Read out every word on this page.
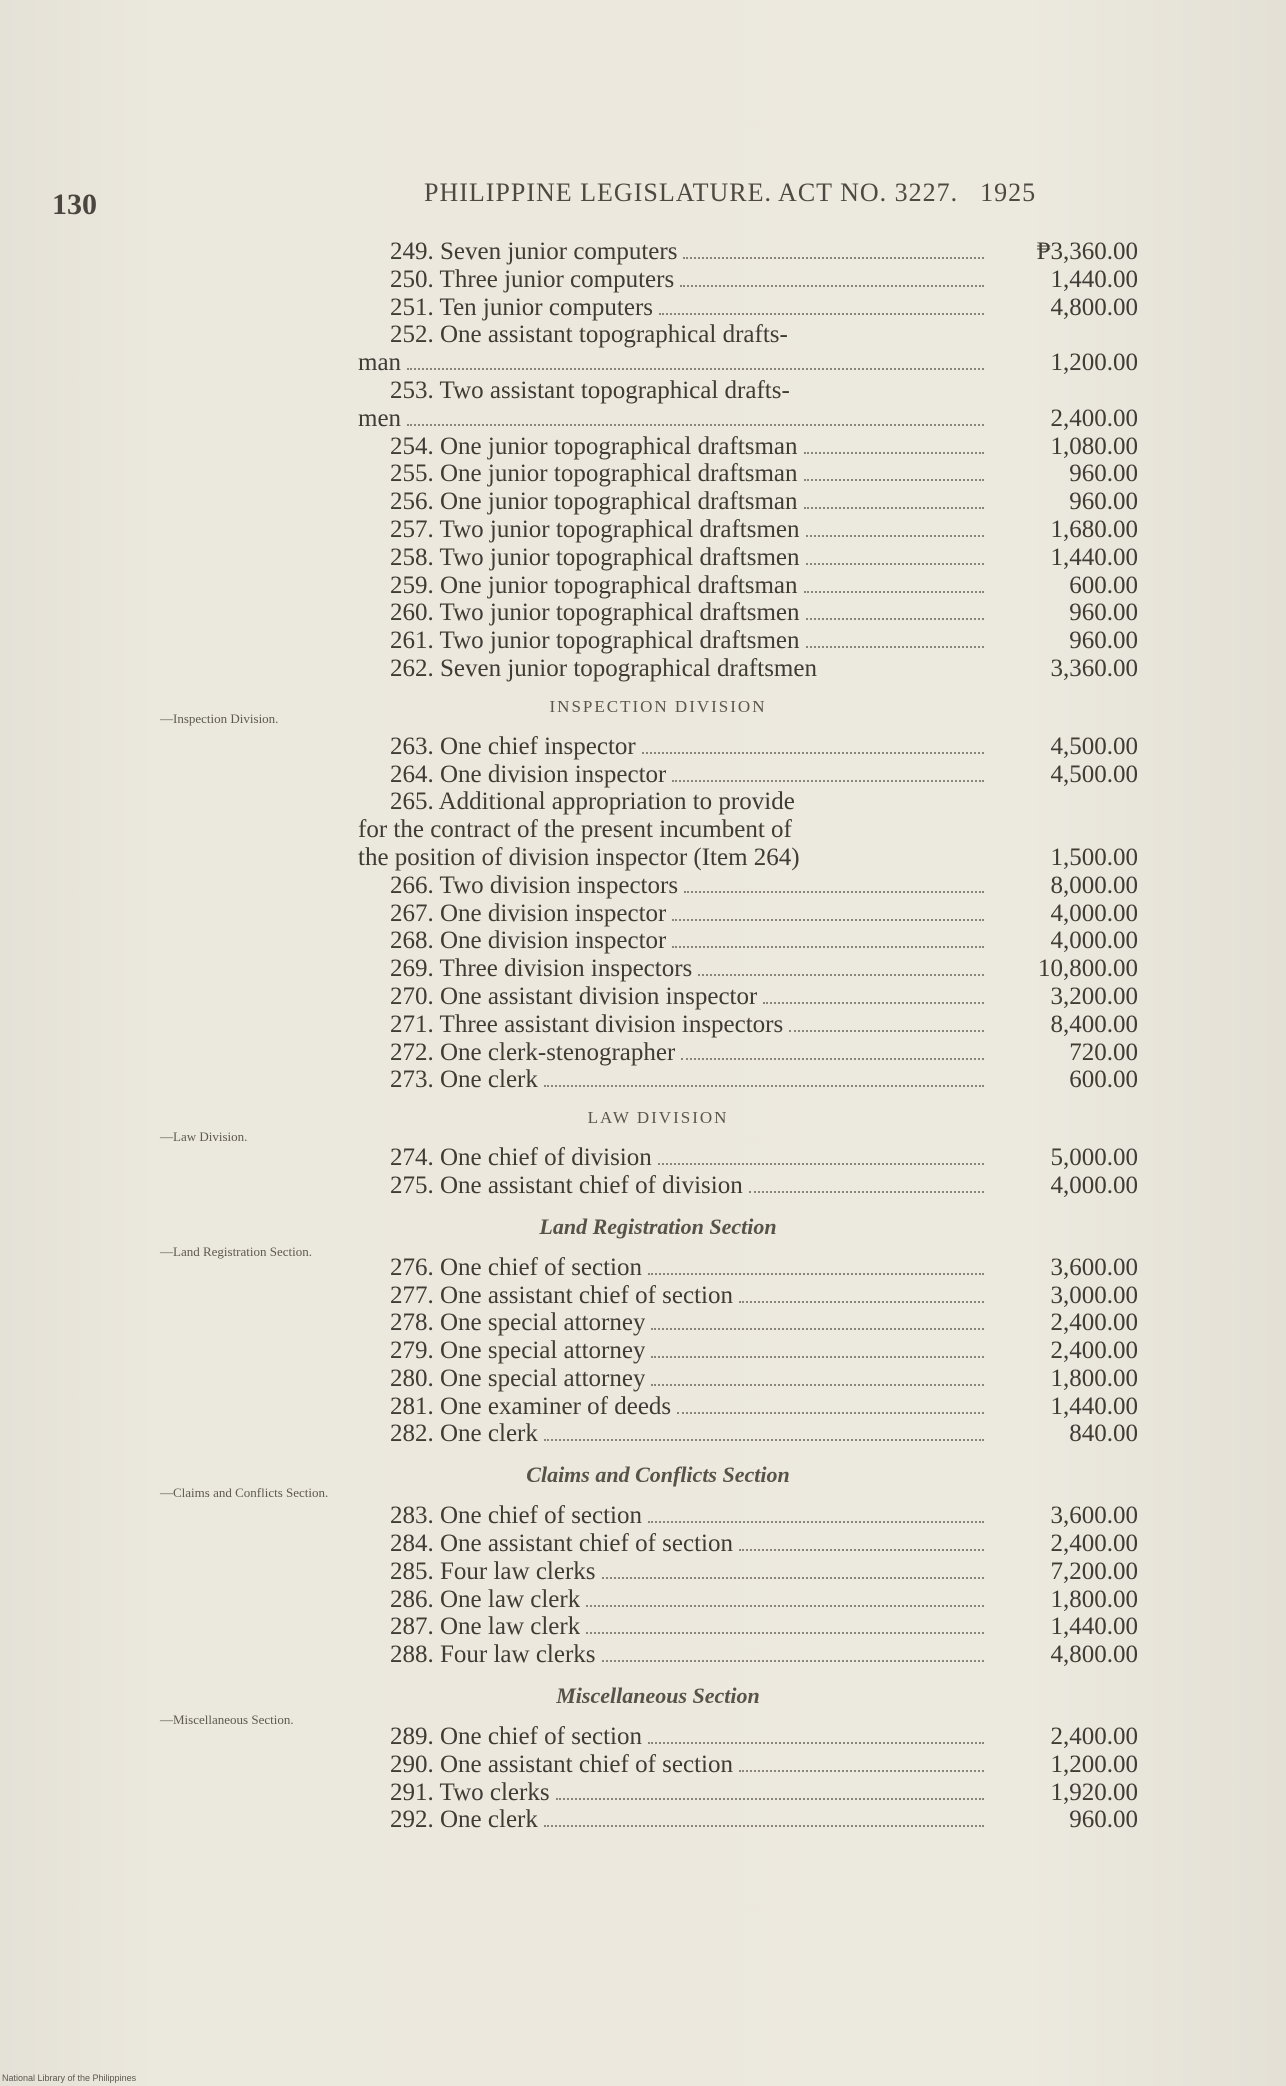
130	PHILIPPINE LEGISLATURE. ACT NO. 3227. 1925
—Inspection Division.
—Law Division.
—Land Registration Section.
—Claims and Conflicts Section.
—Miscellaneous Section.
249. Seven junior computers	₱3,360.00
250. Three junior computers	1,440.00
251. Ten junior computers	4,800.00
252. One assistant topographical drafts-
man	1,200.00
253. Two assistant topographical drafts-
men	2,400.00
254. One junior topographical draftsman	1,080.00
255. One junior topographical draftsman	960.00
256. One junior topographical draftsman	960.00
257. Two junior topographical draftsmen	1,680.00
258. Two junior topographical draftsmen	1,440.00
259. One junior topographical draftsman	600.00
260. Two junior topographical draftsmen	960.00
261. Two junior topographical draftsmen	960.00
262. Seven junior topographical draftsmen	3,360.00
INSPECTION DIVISION
263. One chief inspector	4,500.00
264. One division inspector	4,500.00
265. Additional appropriation to provide
for the contract of the present incumbent of
the position of division inspector (Item 264)	1,500.00
266. Two division inspectors	8,000.00
267. One division inspector	4,000.00
268. One division inspector	4,000.00
269. Three division inspectors	10,800.00
270. One assistant division inspector	3,200.00
271. Three assistant division inspectors	8,400.00
272. One clerk-stenographer	720.00
273. One clerk	600.00
LAW DIVISION
274. One chief of division	5,000.00
275. One assistant chief of division	4,000.00
Land Registration Section
276. One chief of section	3,600.00
277. One assistant chief of section	3,000.00
278. One special attorney	2,400.00
279. One special attorney	2,400.00
280. One special attorney	1,800.00
281. One examiner of deeds	1,440.00
282. One clerk	840.00
Claims and Conflicts Section
283. One chief of section	3,600.00
284. One assistant chief of section	2,400.00
285. Four law clerks	7,200.00
286. One law clerk	1,800.00
287. One law clerk	1,440.00
288. Four law clerks	4,800.00
Miscellaneous Section
289. One chief of section	2,400.00
290. One assistant chief of section	1,200.00
291. Two clerks	1,920.00
292. One clerk	960.00
National Library of the Philippines
